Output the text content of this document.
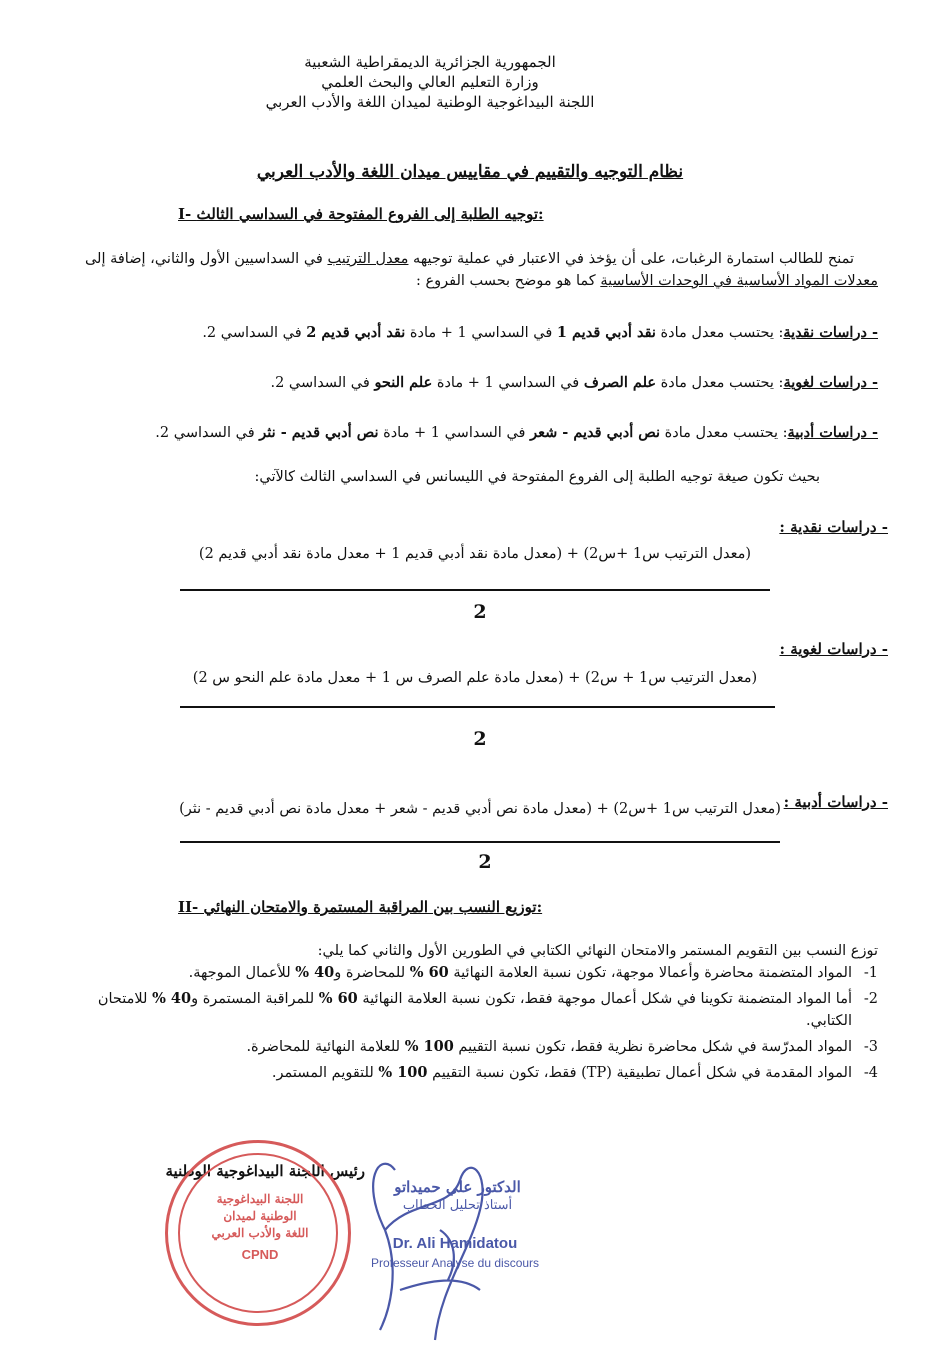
الجمهورية الجزائرية الديمقراطية الشعبية
وزارة التعليم العالي والبحث العلمي
اللجنة البيداغوجية الوطنية لميدان اللغة والأدب العربي
نظام التوجيه والتقييم في مقاييس ميدان اللغة والأدب العربي
I- توجيه الطلبة إلى الفروع المفتوحة في السداسي الثالث:
تمنح للطالب استمارة الرغبات، على أن يؤخذ في الاعتبار في عملية توجيهه معدل الترتيب في السداسيين الأول والثاني، إضافة إلى معدلات المواد الأساسية في الوحدات الأساسية كما هو موضح بحسب الفروع :
- دراسات نقدية: يحتسب معدل مادة نقد أدبي قديم 1 في السداسي 1 + مادة نقد أدبي قديم 2 في السداسي 2.
- دراسات لغوية: يحتسب معدل مادة علم الصرف في السداسي 1 + مادة علم النحو في السداسي 2.
- دراسات أدبية: يحتسب معدل مادة نص أدبي قديم - شعر في السداسي 1 + مادة نص أدبي قديم - نثر في السداسي 2.
بحيث تكون صيغة توجيه الطلبة إلى الفروع المفتوحة في الليسانس في السداسي الثالث كالآتي:
- دراسات نقدية :
(معدل الترتيب س1 +س2) + (معدل مادة نقد أدبي قديم 1 + معدل مادة نقد أدبي قديم 2)
2
- دراسات لغوية :
(معدل الترتيب س1 + س2) + (معدل مادة علم الصرف س 1 + معدل مادة علم النحو س 2)
2
- دراسات أدبية :
(معدل الترتيب س1 +س2) + (معدل مادة نص أدبي قديم - شعر + معدل مادة نص أدبي قديم - نثر)
2
II- توزيع النسب بين المراقبة المستمرة والامتحان النهائي:
توزع النسب بين التقويم المستمر والامتحان النهائي الكتابي في الطورين الأول والثاني كما يلي:
1-
المواد المتضمنة محاضرة وأعمالا موجهة، تكون نسبة العلامة النهائية 60 % للمحاضرة و40 % للأعمال الموجهة.
2-
أما المواد المتضمنة تكوينا في شكل أعمال موجهة فقط، تكون نسبة العلامة النهائية 60 % للمراقبة المستمرة و40 % للامتحان الكتابي.
3-
المواد المدرّسة في شكل محاضرة نظرية فقط، تكون نسبة التقييم 100 % للعلامة النهائية للمحاضرة.
4-
المواد المقدمة في شكل أعمال تطبيقية (TP) فقط، تكون نسبة التقييم 100 % للتقويم المستمر.
رئيس اللجنة البيداغوجية الوطنية
اللجنة البيداغوجية
الوطنية لميدان
اللغة والأدب العربي
CPND
الدكتور علي حميداتو
أستاذ تحليل الخطاب
Dr. Ali Hamidatou
Professeur Analyse du discours
